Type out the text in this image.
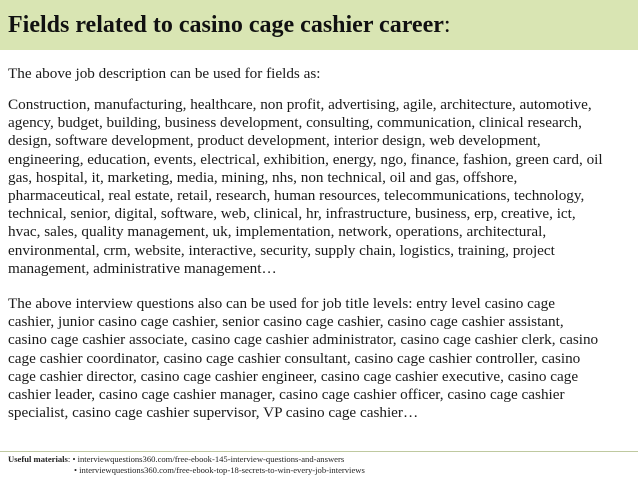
Fields related to casino cage cashier career:
The above job description can be used for fields as:
Construction, manufacturing, healthcare, non profit, advertising, agile, architecture, automotive,
agency, budget, building, business development, consulting, communication, clinical research,
design, software development, product development, interior design, web development,
engineering, education, events, electrical, exhibition, energy, ngo, finance, fashion, green card, oil
gas, hospital, it, marketing, media, mining, nhs, non technical, oil and gas, offshore,
pharmaceutical, real estate, retail, research, human resources, telecommunications, technology,
technical, senior, digital, software, web, clinical, hr, infrastructure, business, erp, creative, ict,
hvac, sales, quality management, uk, implementation, network, operations, architectural,
environmental, crm, website, interactive, security, supply chain, logistics, training, project
management, administrative management…
The above interview questions also can be used for job title levels: entry level casino cage
cashier, junior casino cage cashier, senior casino cage cashier, casino cage cashier assistant,
casino cage cashier associate, casino cage cashier administrator, casino cage cashier clerk, casino
cage cashier coordinator, casino cage cashier consultant, casino cage cashier controller, casino
cage cashier director, casino cage cashier engineer, casino cage cashier executive, casino cage
cashier leader, casino cage cashier manager, casino cage cashier officer, casino cage cashier
specialist, casino cage cashier supervisor, VP casino cage cashier…
Useful materials: • interviewquestions360.com/free-ebook-145-interview-questions-and-answers
• interviewquestions360.com/free-ebook-top-18-secrets-to-win-every-job-interviews
